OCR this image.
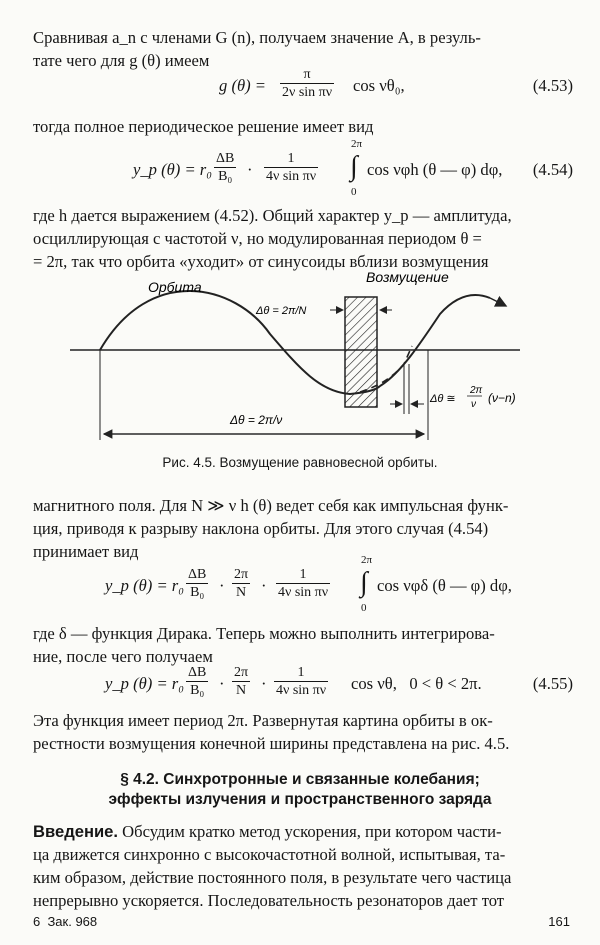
Сравнивая a_n с членами G (n), получаем значение A, в резуль-
тате чего для g (θ) имеем
g $(\theta) = \frac{\pi}{\text{2ν sin πν}}$ cos νθ₀,	(4.53)
тогда полное периодическое решение имеет вид
y_p $(\theta) = r_0 \frac{\Delta B}{\text{B₀}} \cdot \frac{1}{\text{4ν sin πν}}$
2π
∫
0
cos νφh (θ — φ) dφ, (4.54)
где h дается выражением (4.52). Общий характер y_p — амплитуда,
осциллирующая с частотой ν, но модулированная периодом θ =
= 2π, так что орбита «уходит» от синусоиды вблизи возмущения
Орбита
Возмущение
Δθ = 2π/N
Δθ = 2π/ν
Δθ ≅
2π
ν (ν−n)
Рис. 4.5. Возмущение равновесной орбиты.
магнитного поля. Для N ≫ ν h (θ) ведет себя как импульсная функ-
ция, приводя к разрыву наклона орбиты. Для этого случая (4.54)
принимает вид
y_p $(\theta) = r_0 \frac{\Delta B}{\text{B₀}} \cdot \frac{2\pi}{N} \cdot \frac{1}{\text{4ν sin πν}}$
2π
∫
0
cos νφδ (θ — φ) dφ,
где δ — функция Дирака. Теперь можно выполнить интегрирова-
ние, после чего получаем
y_p $(\theta) = r_0 \frac{\Delta B}{\text{B₀}} \cdot \frac{2\pi}{N} \cdot \frac{1}{\text{4ν sin πν}}$ cos νθ,   0 < θ < 2π.	(4.55)
Эта функция имеет период 2π. Развернутая картина орбиты в ок-
рестности возмущения конечной ширины представлена на рис. 4.5.
§ 4.2. Синхротронные и связанные колебания;
эффекты излучения и пространственного заряда
Введение. Обсудим кратко метод ускорения, при котором части-
ца движется синхронно с высокочастотной волной, испытывая, та-
ким образом, действие постоянного поля, в результате чего частица
непрерывно ускоряется. Последовательность резонаторов дает тот
6  Зак. 968	161
